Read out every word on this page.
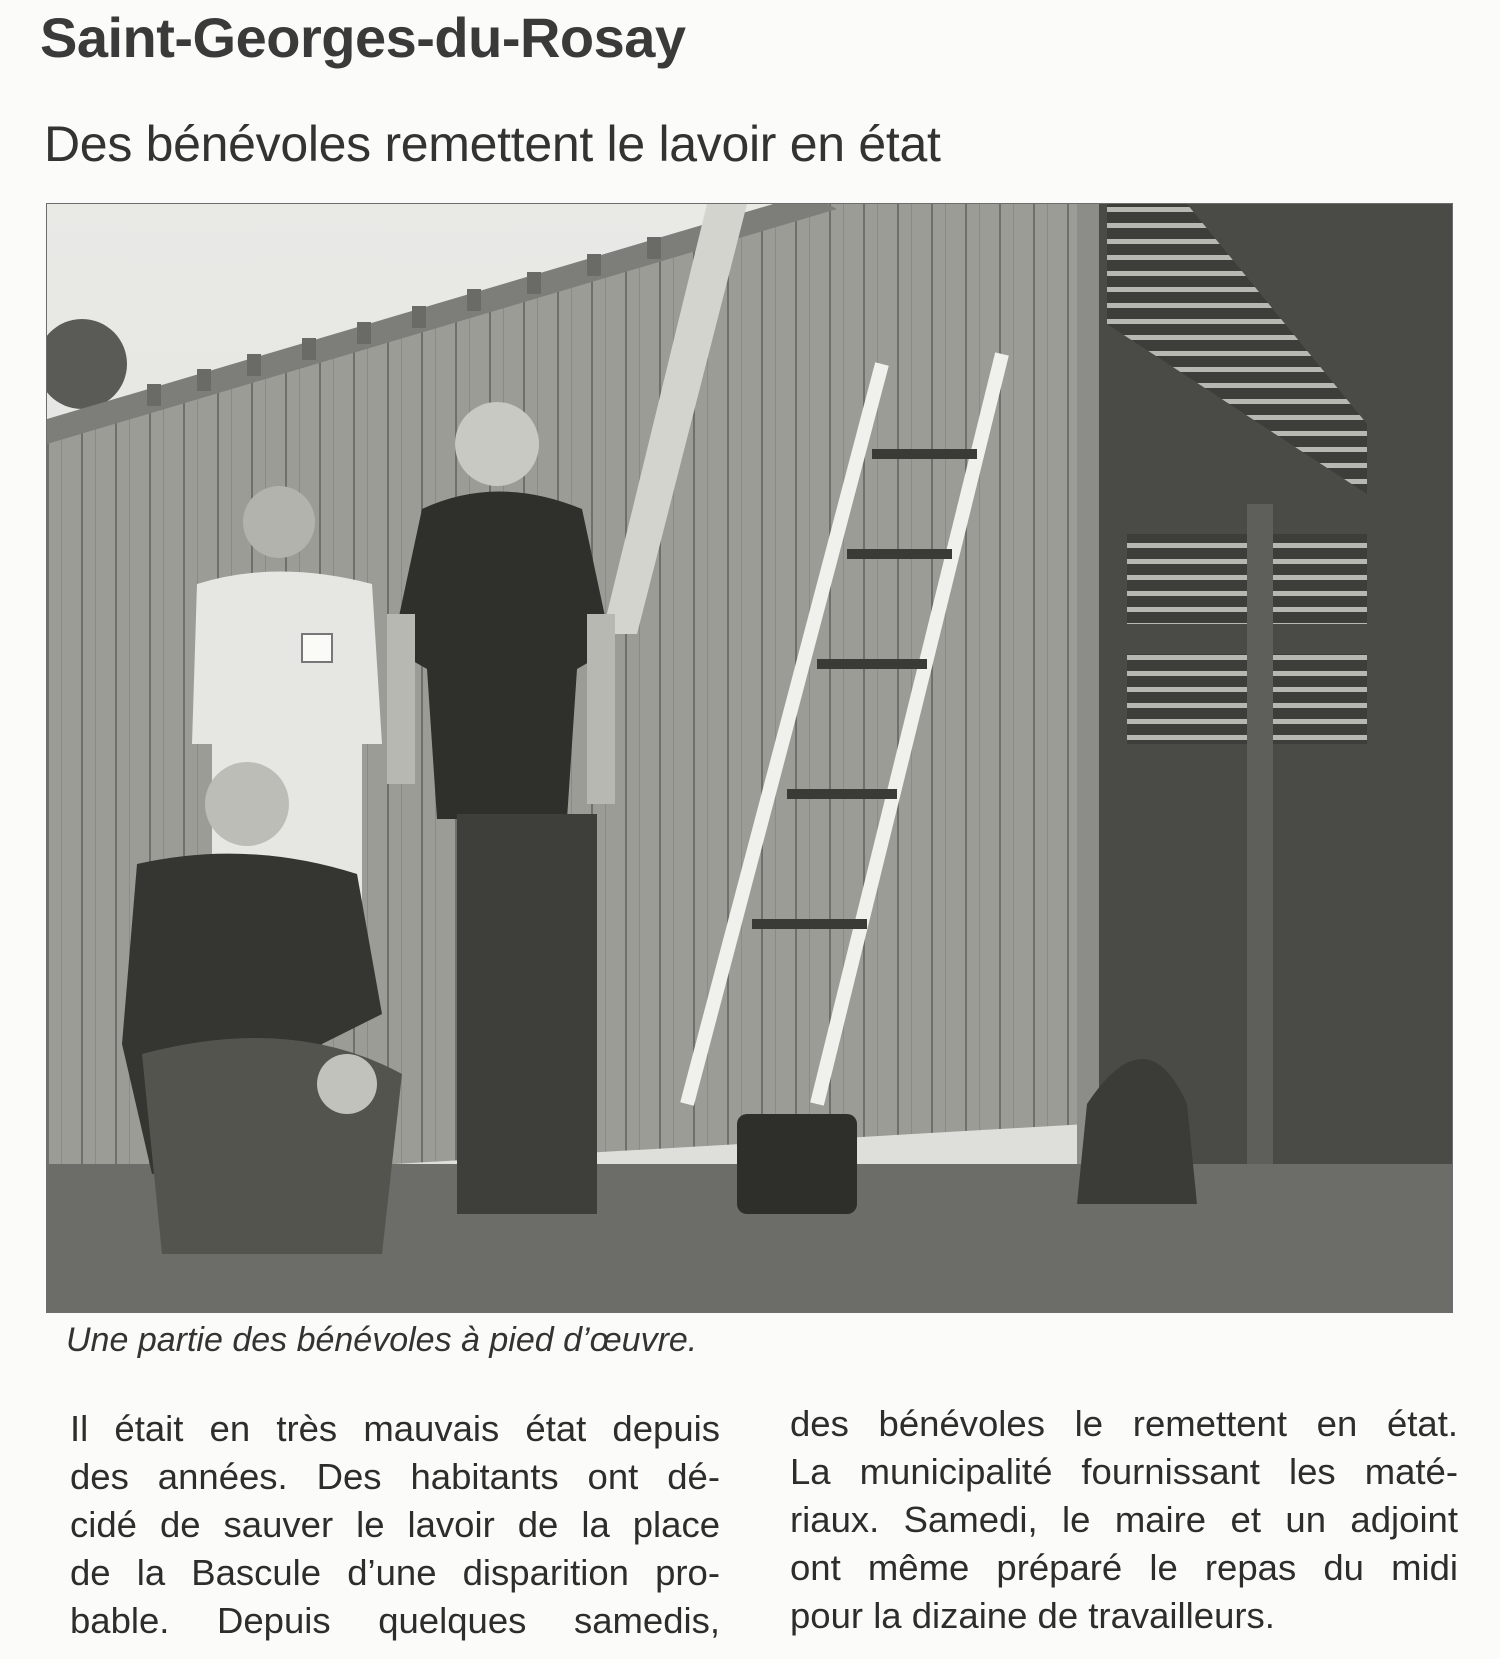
Saint-Georges-du-Rosay
Des bénévoles remettent le lavoir en état

Une partie des bénévoles à pied d’œuvre.

Il était en très mauvais état depuis
des années. Des habitants ont dé-
cidé de sauver le lavoir de la place
de la Bascule d’une disparition pro-
bable. Depuis quelques samedis,
des bénévoles le remettent en état.
La municipalité fournissant les maté-
riaux. Samedi, le maire et un adjoint
ont même préparé le repas du midi
pour la dizaine de travailleurs.
